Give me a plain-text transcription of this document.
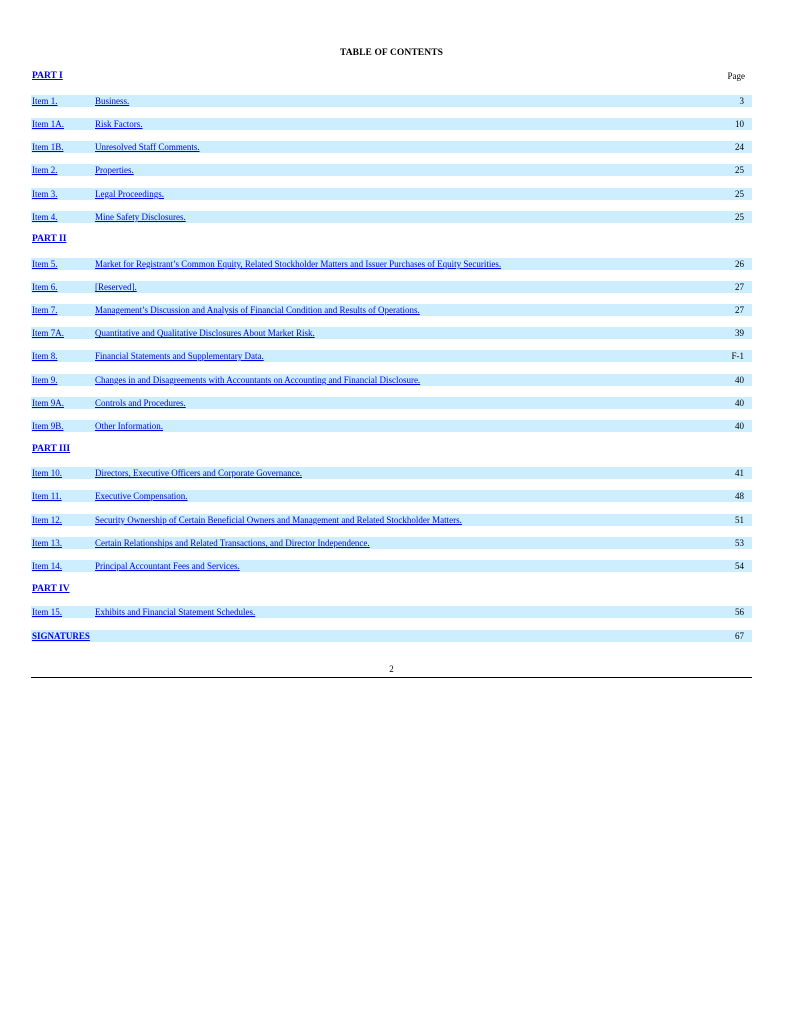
TABLE OF CONTENTS
PART I	Page
Item 1.	Business.	3
Item 1A.	Risk Factors.	10
Item 1B.	Unresolved Staff Comments.	24
Item 2.	Properties.	25
Item 3.	Legal Proceedings.	25
Item 4.	Mine Safety Disclosures.	25
PART II
Item 5.	Market for Registrant’s Common Equity, Related Stockholder Matters and Issuer Purchases of Equity Securities.	26
Item 6.	[Reserved].	27
Item 7.	Management’s Discussion and Analysis of Financial Condition and Results of Operations.	27
Item 7A.	Quantitative and Qualitative Disclosures About Market Risk.	39
Item 8.	Financial Statements and Supplementary Data.	F-1
Item 9.	Changes in and Disagreements with Accountants on Accounting and Financial Disclosure.	40
Item 9A.	Controls and Procedures.	40
Item 9B.	Other Information.	40
PART III
Item 10.	Directors, Executive Officers and Corporate Governance.	41
Item 11.	Executive Compensation.	48
Item 12.	Security Ownership of Certain Beneficial Owners and Management and Related Stockholder Matters.	51
Item 13.	Certain Relationships and Related Transactions, and Director Independence.	53
Item 14.	Principal Accountant Fees and Services.	54
PART IV
Item 15.	Exhibits and Financial Statement Schedules.	56
SIGNATURES	67
2
